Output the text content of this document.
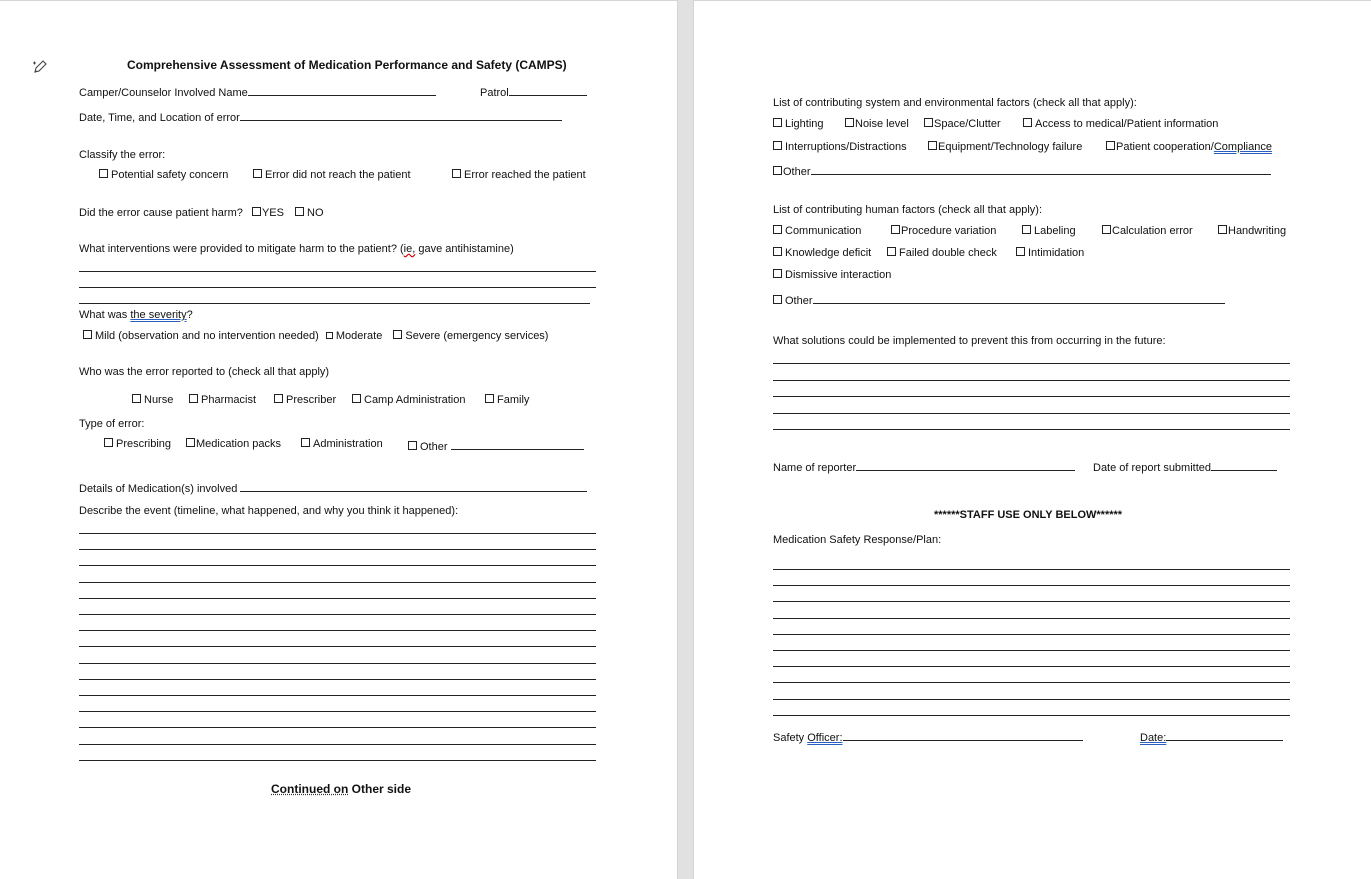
Comprehensive Assessment of Medication Performance and Safety (CAMPS)
Camper/Counselor Involved Name	Patrol
Date, Time, and Location of error
Classify the error:
Potential safety concern	Error did not reach the patient	Error reached the patient
Did the error cause patient harm? YES NO
What interventions were provided to mitigate harm to the patient? (ie, gave antihistamine)
What was the severity?
Mild (observation and no intervention needed) Moderate Severe (emergency services)
Who was the error reported to (check all that apply)
Nurse	Pharmacist	Prescriber	Camp Administration	Family
Type of error:
Prescribing	Medication packs	Administration	Other
Details of Medication(s) involved
Describe the event (timeline, what happened, and why you think it happened):
Continued on Other side
List of contributing system and environmental factors (check all that apply):
Lighting	Noise level	Space/Clutter	Access to medical/Patient information
Interruptions/Distractions	Equipment/Technology failure	Patient cooperation/Compliance
Other
List of contributing human factors (check all that apply):
Communication	Procedure variation	Labeling	Calculation error	Handwriting
Knowledge deficit	Failed double check	Intimidation
Dismissive interaction
Other
What solutions could be implemented to prevent this from occurring in the future:
Name of reporter	Date of report submitted
******STAFF USE ONLY BELOW******
Medication Safety Response/Plan:
Safety Officer:	Date:
